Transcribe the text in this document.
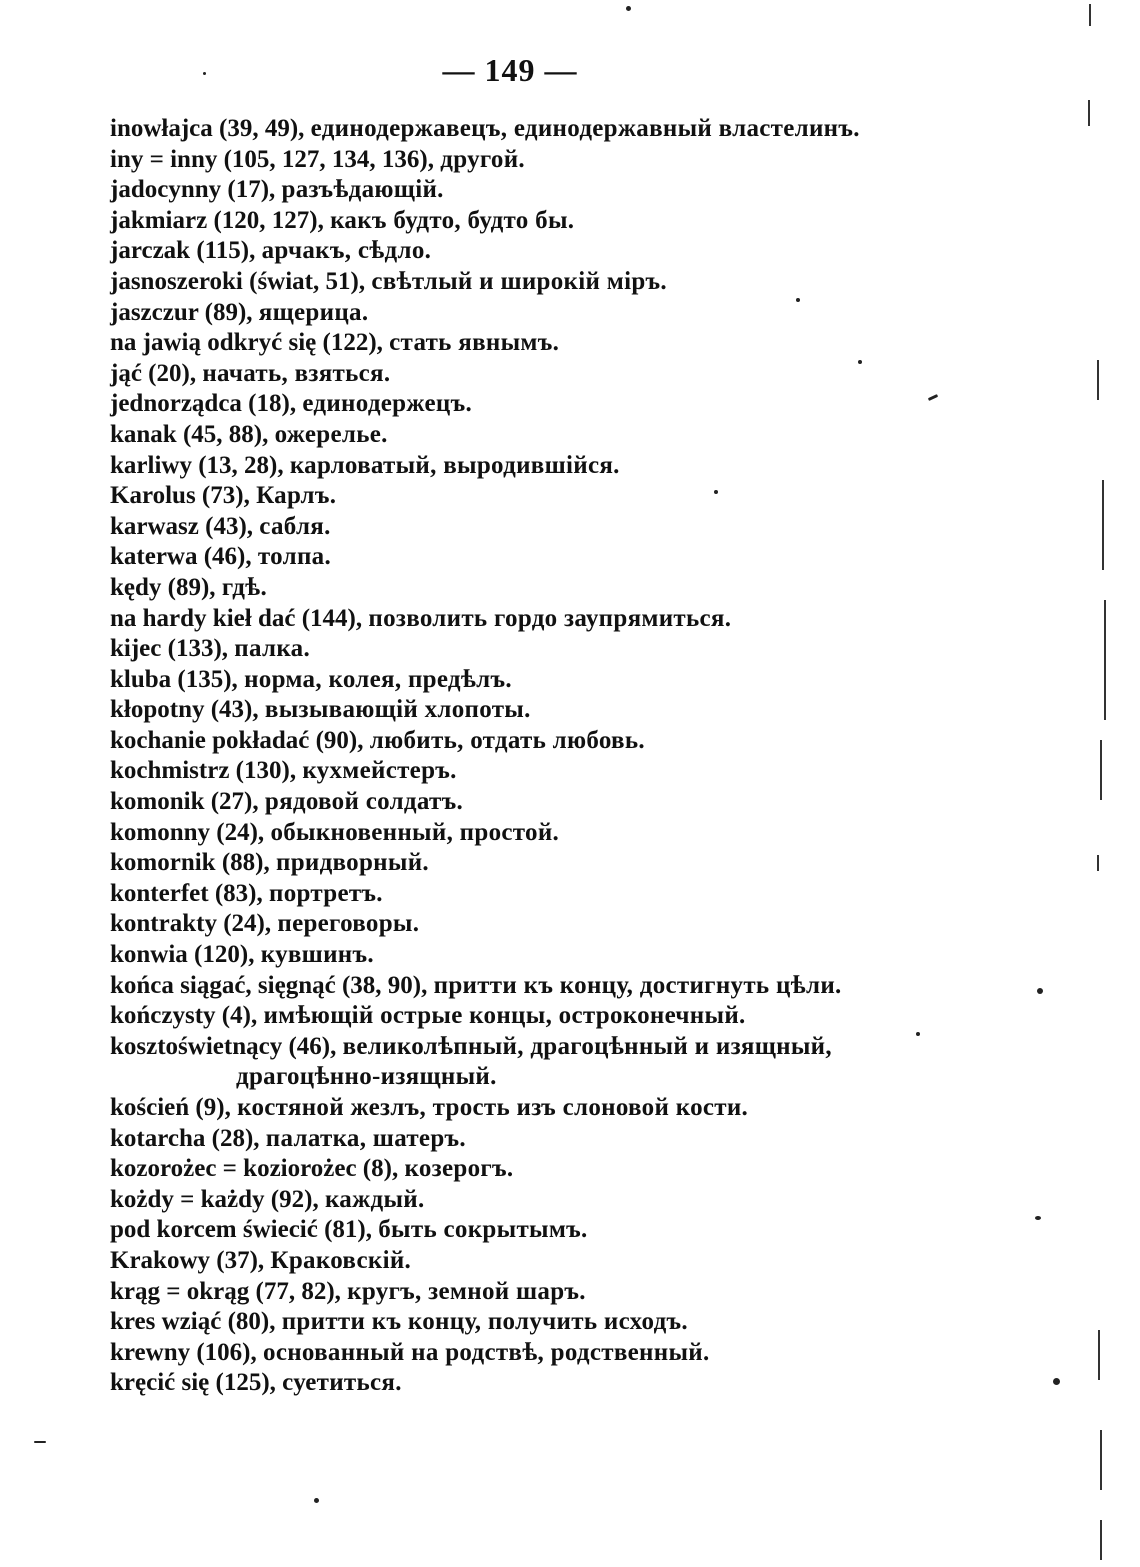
— 149 —
inowłajca (39, 49), единодержавецъ, единодержавный властелинъ.
iny = inny (105, 127, 134, 136), другой.
jadocynny (17), разъѣдающій.
jakmiarz (120, 127), какъ будто, будто бы.
jarczak (115), арчакъ, сѣдло.
jasnoszeroki (świat, 51), свѣтлый и широкій міръ.
jaszczur (89), ящерица.
na jawią odkryć się (122), стать явнымъ.
jąć (20), начать, взяться.
jednorządca (18), единодержецъ.
kanak (45, 88), ожерелье.
karliwy (13, 28), карловатый, выродившійся.
Karolus (73), Карлъ.
karwasz (43), сабля.
katerwa (46), толпа.
kędy (89), гдѣ.
na hardy kieł dać (144), позволить гордо заупрямиться.
kijec (133), палка.
kluba (135), норма, колея, предѣлъ.
kłopotny (43), вызывающій хлопоты.
kochanie pokładać (90), любить, отдать любовь.
kochmistrz (130), кухмейстеръ.
komonik (27), рядовой солдатъ.
komonny (24), обыкновенный, простой.
komornik (88), придворный.
konterfet (83), портретъ.
kontrakty (24), переговоры.
konwia (120), кувшинъ.
końca siągać, sięgnąć (38, 90), притти къ концу, достигнуть цѣли.
kończysty (4), имѣющій острые концы, остроконечный.
kosztoświetnący (46), великолѣпный, драгоцѣнный и изящный, драгоцѣнно-изящный.
koścień (9), костяной жезлъ, трость изъ слоновой кости.
kotarcha (28), палатка, шатеръ.
kozorożec = koziorożec (8), козерогъ.
kożdy = każdy (92), каждый.
pod korcem świecić (81), быть сокрытымъ.
Krakowy (37), Краковскій.
krąg = okrąg (77, 82), кругъ, земной шаръ.
kres wziąć (80), притти къ концу, получить исходъ.
krewny (106), основанный на родствѣ, родственный.
kręcić się (125), суетиться.
